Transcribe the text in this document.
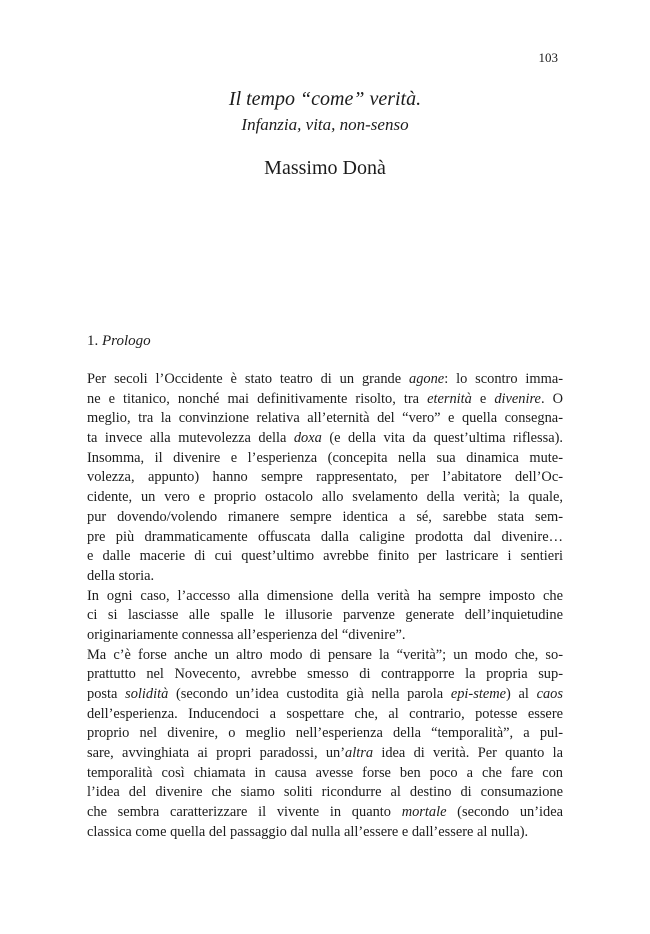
103
Il tempo “come” verità.
Infanzia, vita, non-senso
Massimo Donà
1. Prologo
Per secoli l’Occidente è stato teatro di un grande agone: lo scontro imma-
ne e titanico, nonché mai definitivamente risolto, tra eternità e divenire. O
meglio, tra la convinzione relativa all’eternità del “vero” e quella consegna-
ta invece alla mutevolezza della doxa (e della vita da quest’ultima riflessa).
Insomma, il divenire e l’esperienza (concepita nella sua dinamica mute-
volezza, appunto) hanno sempre rappresentato, per l’abitatore dell’Oc-
cidente, un vero e proprio ostacolo allo svelamento della verità; la quale,
pur dovendo/volendo rimanere sempre identica a sé, sarebbe stata sem-
pre più drammaticamente offuscata dalla caligine prodotta dal divenire…
e dalle macerie di cui quest’ultimo avrebbe finito per lastricare i sentieri
della storia.
In ogni caso, l’accesso alla dimensione della verità ha sempre imposto che
ci si lasciasse alle spalle le illusorie parvenze generate dell’inquietudine
originariamente connessa all’esperienza del “divenire”.
Ma c’è forse anche un altro modo di pensare la “verità”; un modo che, so-
prattutto nel Novecento, avrebbe smesso di contrapporre la propria sup-
posta solidità (secondo un’idea custodita già nella parola epi-steme) al caos
dell’esperienza. Inducendoci a sospettare che, al contrario, potesse essere
proprio nel divenire, o meglio nell’esperienza della “temporalità”, a pul-
sare, avvinghiata ai propri paradossi, un’altra idea di verità. Per quanto la
temporalità così chiamata in causa avesse forse ben poco a che fare con
l’idea del divenire che siamo soliti ricondurre al destino di consumazione
che sembra caratterizzare il vivente in quanto mortale (secondo un’idea
classica come quella del passaggio dal nulla all’essere e dall’essere al nulla).
